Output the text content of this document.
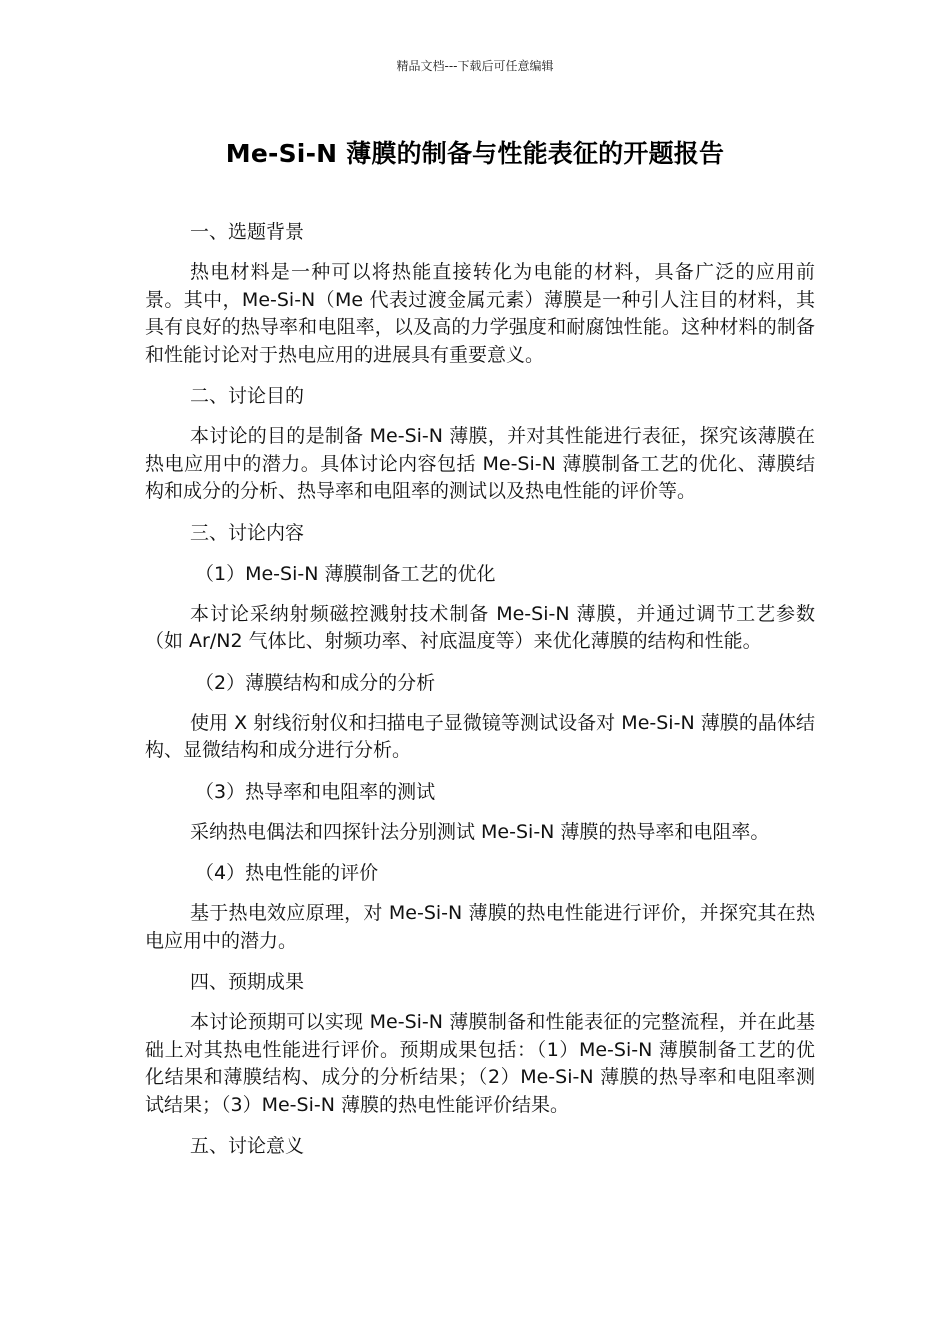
精品文档---下载后可任意编辑
Me-Si-N 薄膜的制备与性能表征的开题报告

一、选题背景

热电材料是一种可以将热能直接转化为电能的材料，具备广泛的应用前景。其中，Me-Si-N（Me 代表过渡金属元素）薄膜是一种引人注目的材料，其具有良好的热导率和电阻率，以及高的力学强度和耐腐蚀性能。这种材料的制备和性能讨论对于热电应用的进展具有重要意义。

二、讨论目的

本讨论的目的是制备 Me-Si-N 薄膜，并对其性能进行表征，探究该薄膜在热电应用中的潜力。具体讨论内容包括 Me-Si-N 薄膜制备工艺的优化、薄膜结构和成分的分析、热导率和电阻率的测试以及热电性能的评价等。

三、讨论内容

（1）Me-Si-N 薄膜制备工艺的优化

本讨论采纳射频磁控溅射技术制备 Me-Si-N 薄膜，并通过调节工艺参数（如 Ar/N2 气体比、射频功率、衬底温度等）来优化薄膜的结构和性能。

（2）薄膜结构和成分的分析

使用 X 射线衍射仪和扫描电子显微镜等测试设备对 Me-Si-N 薄膜的晶体结构、显微结构和成分进行分析。

（3）热导率和电阻率的测试

采纳热电偶法和四探针法分别测试 Me-Si-N 薄膜的热导率和电阻率。

（4）热电性能的评价

基于热电效应原理，对 Me-Si-N 薄膜的热电性能进行评价，并探究其在热电应用中的潜力。

四、预期成果

本讨论预期可以实现 Me-Si-N 薄膜制备和性能表征的完整流程，并在此基础上对其热电性能进行评价。预期成果包括：（1）Me-Si-N 薄膜制备工艺的优化结果和薄膜结构、成分的分析结果；（2）Me-Si-N 薄膜的热导率和电阻率测试结果；（3）Me-Si-N 薄膜的热电性能评价结果。

五、讨论意义
